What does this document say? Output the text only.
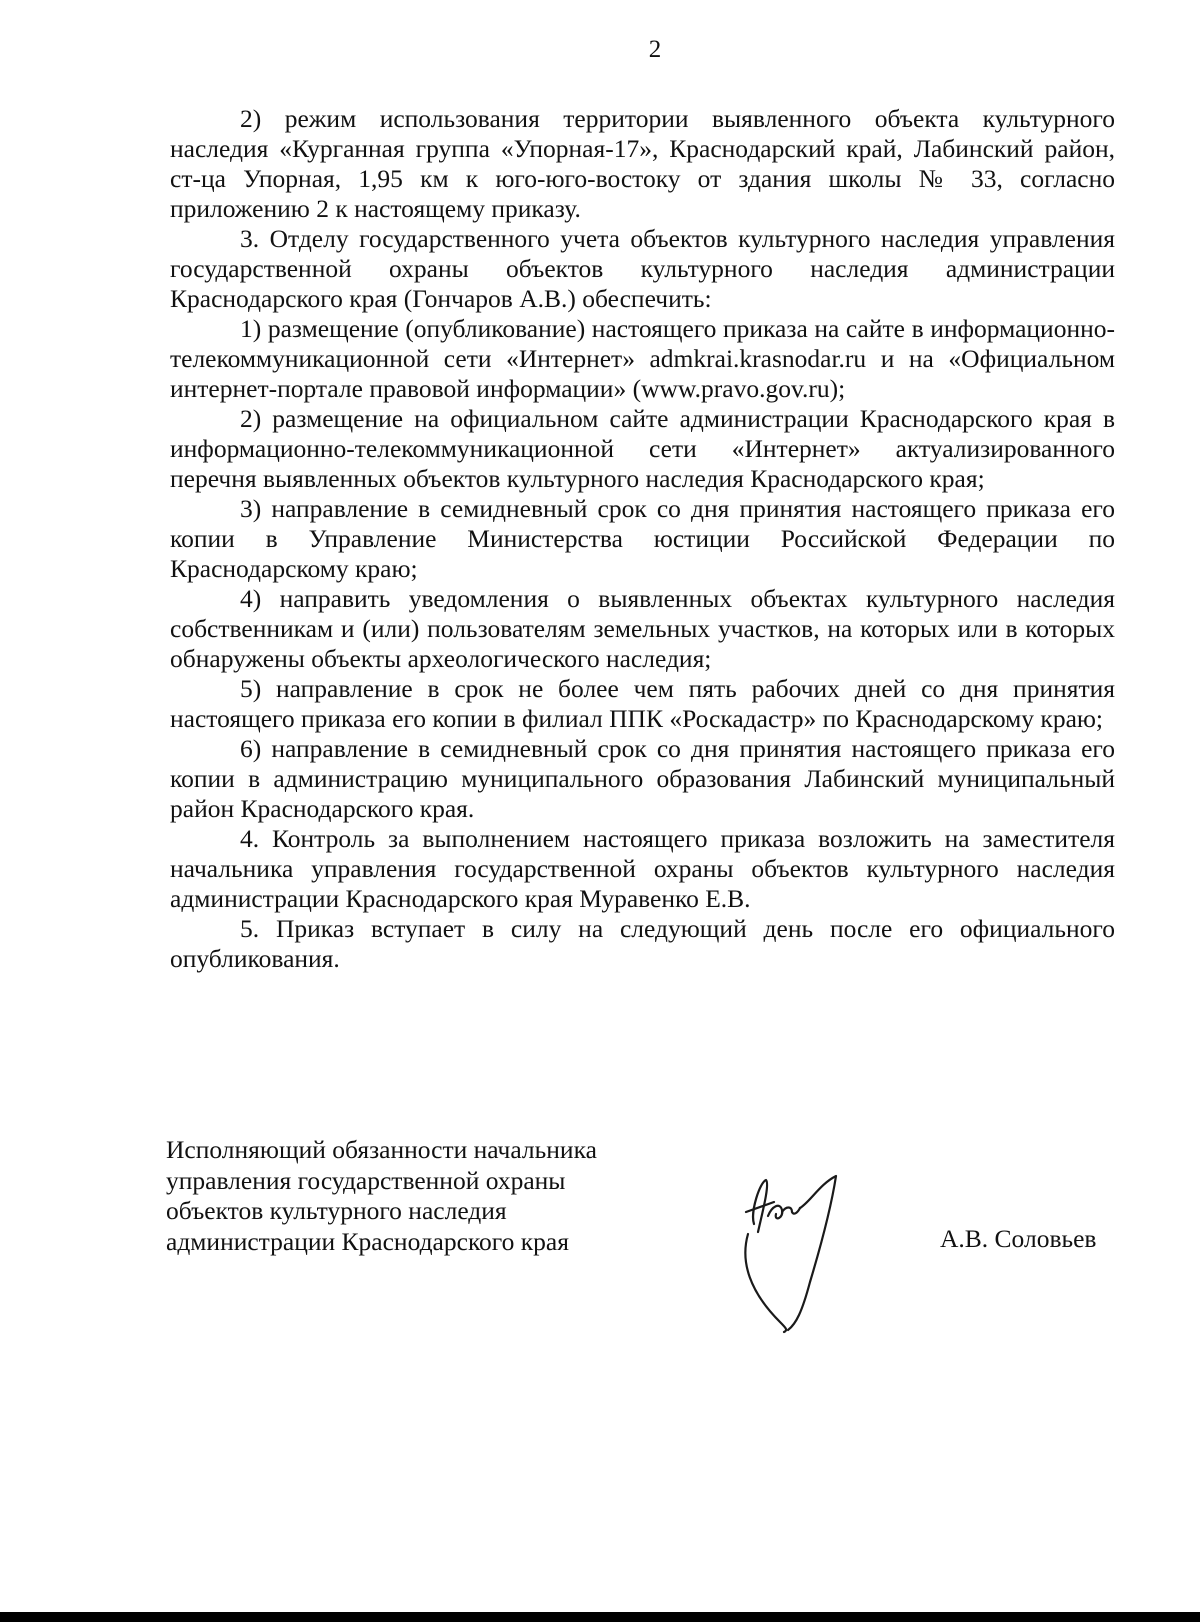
2

2) режим использования территории выявленного объекта культурного наследия «Курганная группа «Упорная-17», Краснодарский край, Лабинский район, ст-ца Упорная, 1,95 км к юго-юго-востоку от здания школы № 33, согласно приложению 2 к настоящему приказу.

3. Отделу государственного учета объектов культурного наследия управления государственной охраны объектов культурного наследия администрации Краснодарского края (Гончаров А.В.) обеспечить:

1) размещение (опубликование) настоящего приказа на сайте в информационно-телекоммуникационной сети «Интернет» admkrai.krasnodar.ru и на «Официальном интернет-портале правовой информации» (www.pravo.gov.ru);

2) размещение на официальном сайте администрации Краснодарского края в информационно-телекоммуникационной сети «Интернет» актуализированного перечня выявленных объектов культурного наследия Краснодарского края;

3) направление в семидневный срок со дня принятия настоящего приказа его копии в Управление Министерства юстиции Российской Федерации по Краснодарскому краю;

4) направить уведомления о выявленных объектах культурного наследия собственникам и (или) пользователям земельных участков, на которых или в которых обнаружены объекты археологического наследия;

5) направление в срок не более чем пять рабочих дней со дня принятия настоящего приказа его копии в филиал ППК «Роскадастр» по Краснодарскому краю;

6) направление в семидневный срок со дня принятия настоящего приказа его копии в администрацию муниципального образования Лабинский муниципальный район Краснодарского края.

4. Контроль за выполнением настоящего приказа возложить на заместителя начальника управления государственной охраны объектов культурного наследия администрации Краснодарского края Муравенко Е.В.

5. Приказ вступает в силу на следующий день после его официального опубликования.

Исполняющий обязанности начальника
управления государственной охраны
объектов культурного наследия
администрации Краснодарского края	А.В. Соловьев
